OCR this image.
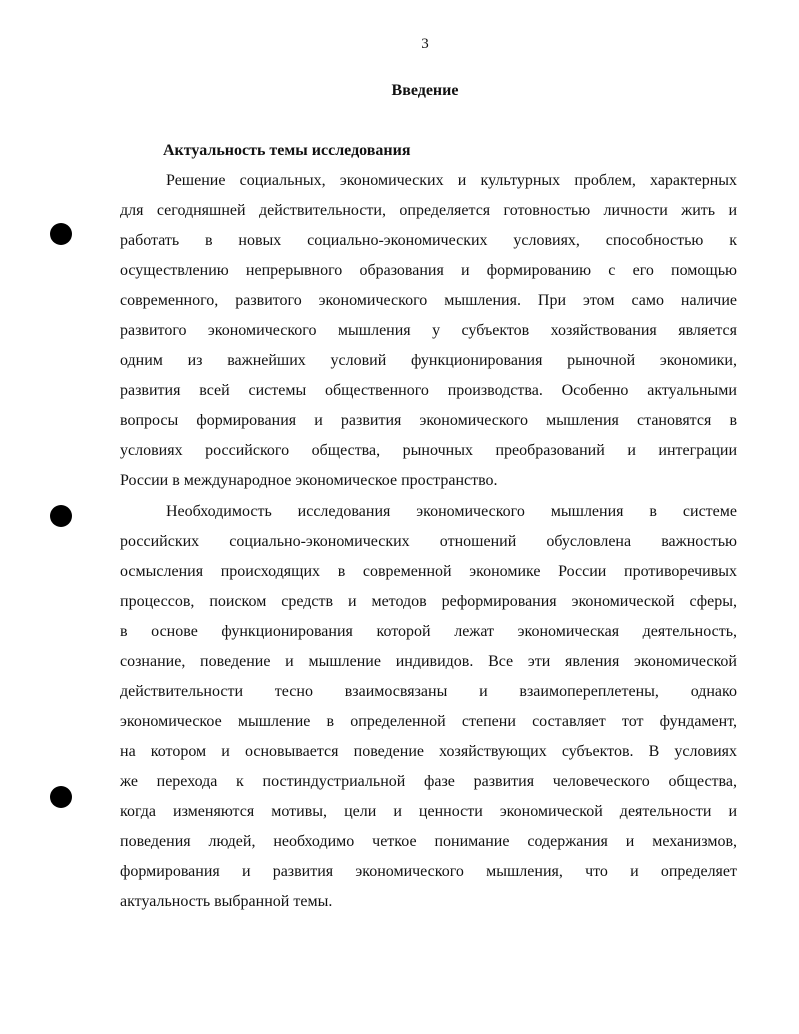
3
Введение
Актуальность темы исследования
Решение социальных, экономических и культурных проблем, характерных
для сегодняшней действительности, определяется готовностью личности жить и
работать в новых социально-экономических условиях, способностью к
осуществлению непрерывного образования и формированию с его помощью
современного, развитого экономического мышления. При этом само наличие
развитого экономического мышления у субъектов хозяйствования является
одним из важнейших условий функционирования рыночной экономики,
развития всей системы общественного производства. Особенно актуальными
вопросы формирования и развития экономического мышления становятся в
условиях российского общества, рыночных преобразований и интеграции
России в международное экономическое пространство.
Необходимость исследования экономического мышления в системе
российских социально-экономических отношений обусловлена важностью
осмысления происходящих в современной экономике России противоречивых
процессов, поиском средств и методов реформирования экономической сферы,
в основе функционирования которой лежат экономическая деятельность,
сознание, поведение и мышление индивидов. Все эти явления экономической
действительности тесно взаимосвязаны и взаимопереплетены, однако
экономическое мышление в определенной степени составляет тот фундамент,
на котором и основывается поведение хозяйствующих субъектов. В условиях
же перехода к постиндустриальной фазе развития человеческого общества,
когда изменяются мотивы, цели и ценности экономической деятельности и
поведения людей, необходимо четкое понимание содержания и механизмов,
формирования и развития экономического мышления, что и определяет
актуальность выбранной темы.
